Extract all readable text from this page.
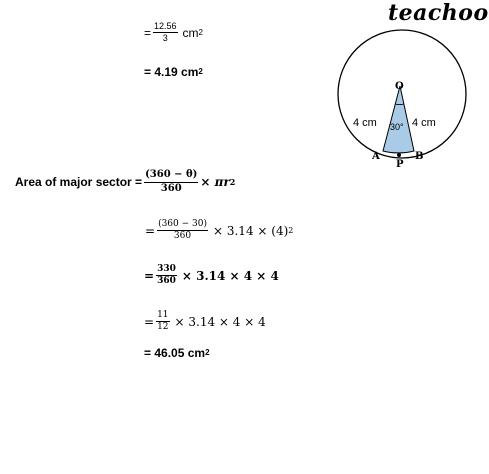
teachoo
= $\frac{12.56}{3}$ cm 2
= 4.19 cm 2
Area of major sector = $\frac{(360 - \theta)}{360} \times \pi r$ 2
= $\frac{(360 - 30)}{360} \times 3.14 \times (4)$ 2
= $\frac{330}{360} \times 3.14 \times 4 \times 4$
= $\frac{11}{12} \times 3.14 \times 4 \times 4$
= 46.05 cm 2
O
30°
4 cm	4 cm
A
P
B
